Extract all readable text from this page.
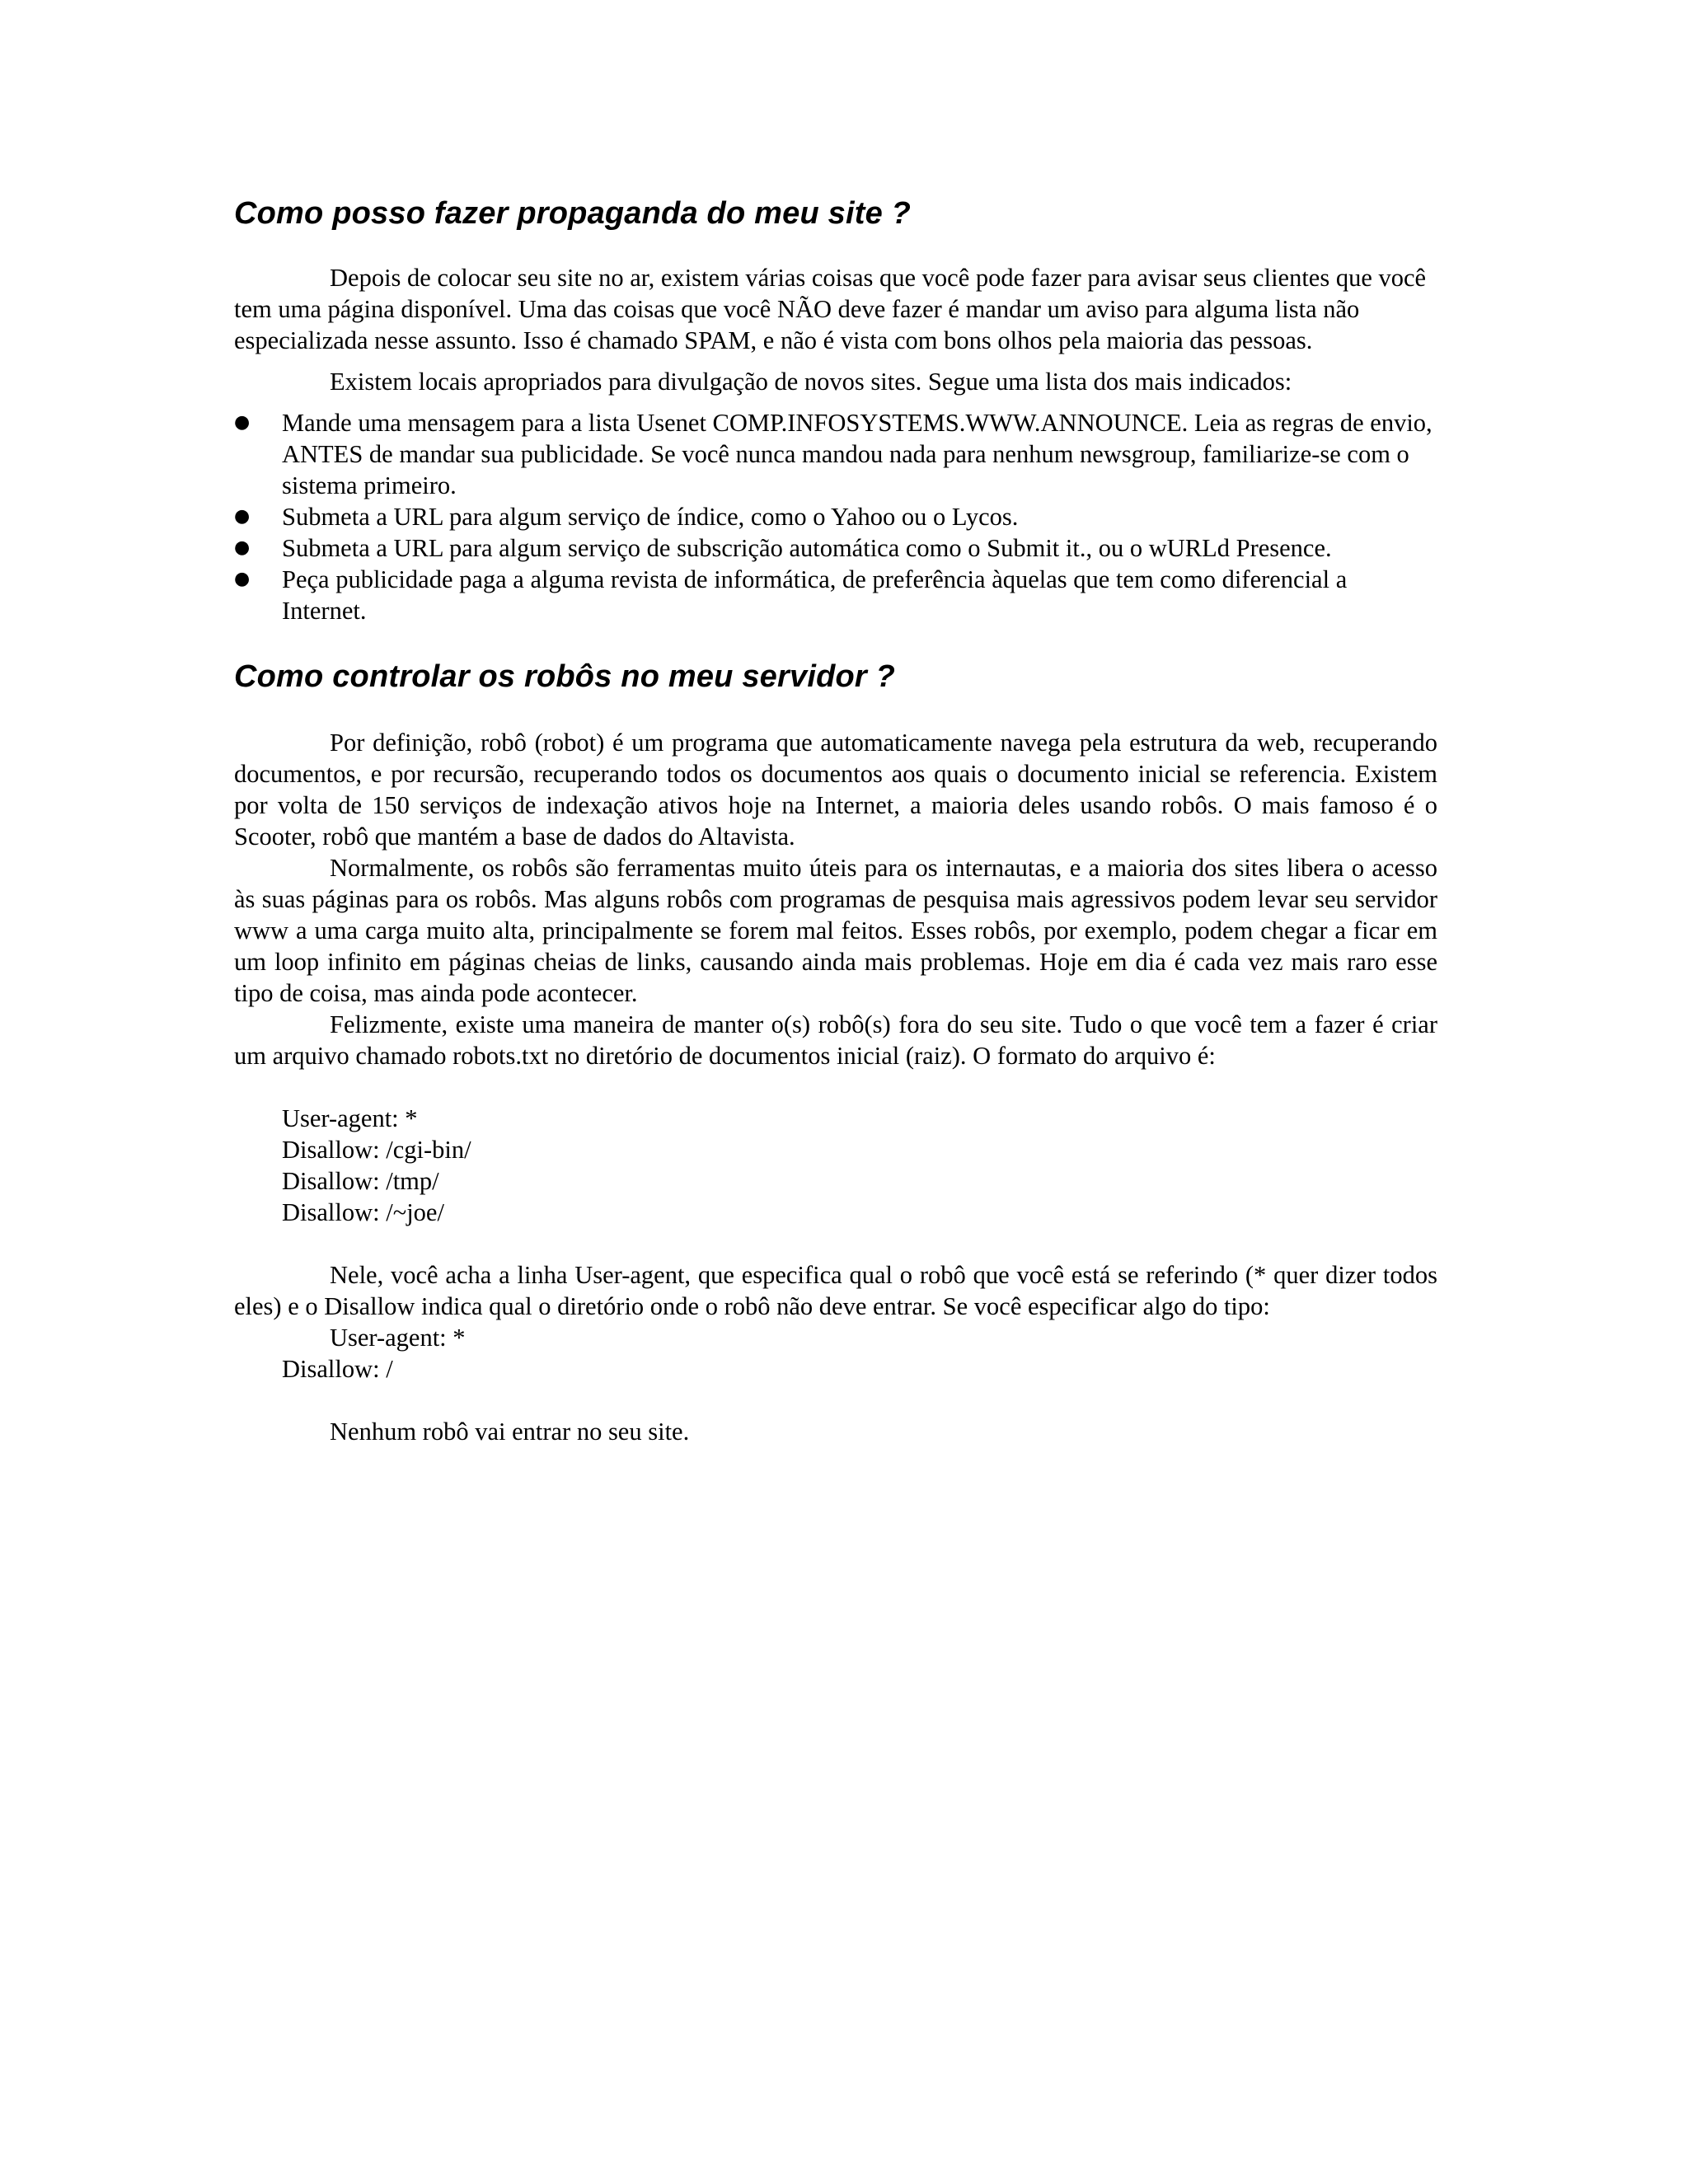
Como posso fazer propaganda do meu site ?

Depois de colocar seu site no ar, existem várias coisas que você pode fazer para avisar seus clientes que você tem uma página disponível. Uma das coisas que você NÃO deve fazer é mandar um aviso para alguma lista não especializada nesse assunto. Isso é chamado SPAM, e não é vista com bons olhos pela maioria das pessoas.

Existem locais apropriados para divulgação de novos sites. Segue uma lista dos mais indicados:

● Mande uma mensagem para a lista Usenet COMP.INFOSYSTEMS.WWW.ANNOUNCE. Leia as regras de envio, ANTES de mandar sua publicidade. Se você nunca mandou nada para nenhum newsgroup, familiarize-se com o sistema primeiro.
● Submeta a URL para algum serviço de índice, como o Yahoo ou o Lycos.
● Submeta a URL para algum serviço de subscrição automática como o Submit it., ou o wURLd Presence.
● Peça publicidade paga a alguma revista de informática, de preferência àquelas que tem como diferencial a Internet.
Como controlar os robôs no meu servidor ?

Por definição, robô (robot) é um programa que automaticamente navega pela estrutura da web, recuperando documentos, e por recursão, recuperando todos os documentos aos quais o documento inicial se referencia. Existem por volta de 150 serviços de indexação ativos hoje na Internet, a maioria deles usando robôs. O mais famoso é o Scooter, robô que mantém a base de dados do Altavista.

Normalmente, os robôs são ferramentas muito úteis para os internautas, e a maioria dos sites libera o acesso às suas páginas para os robôs. Mas alguns robôs com programas de pesquisa mais agressivos podem levar seu servidor www a uma carga muito alta, principalmente se forem mal feitos. Esses robôs, por exemplo, podem chegar a ficar em um loop infinito em páginas cheias de links, causando ainda mais problemas. Hoje em dia é cada vez mais raro esse tipo de coisa, mas ainda pode acontecer.

Felizmente, existe uma maneira de manter o(s) robô(s) fora do seu site. Tudo o que você tem a fazer é criar um arquivo chamado robots.txt no diretório de documentos inicial (raiz). O formato do arquivo é:

User-agent: *
Disallow: /cgi-bin/
Disallow: /tmp/
Disallow: /~joe/

Nele, você acha a linha User-agent, que especifica qual o robô que você está se referindo (* quer dizer todos eles) e o Disallow indica qual o diretório onde o robô não deve entrar. Se você especificar algo do tipo:

User-agent: *
Disallow: /

Nenhum robô vai entrar no seu site.
